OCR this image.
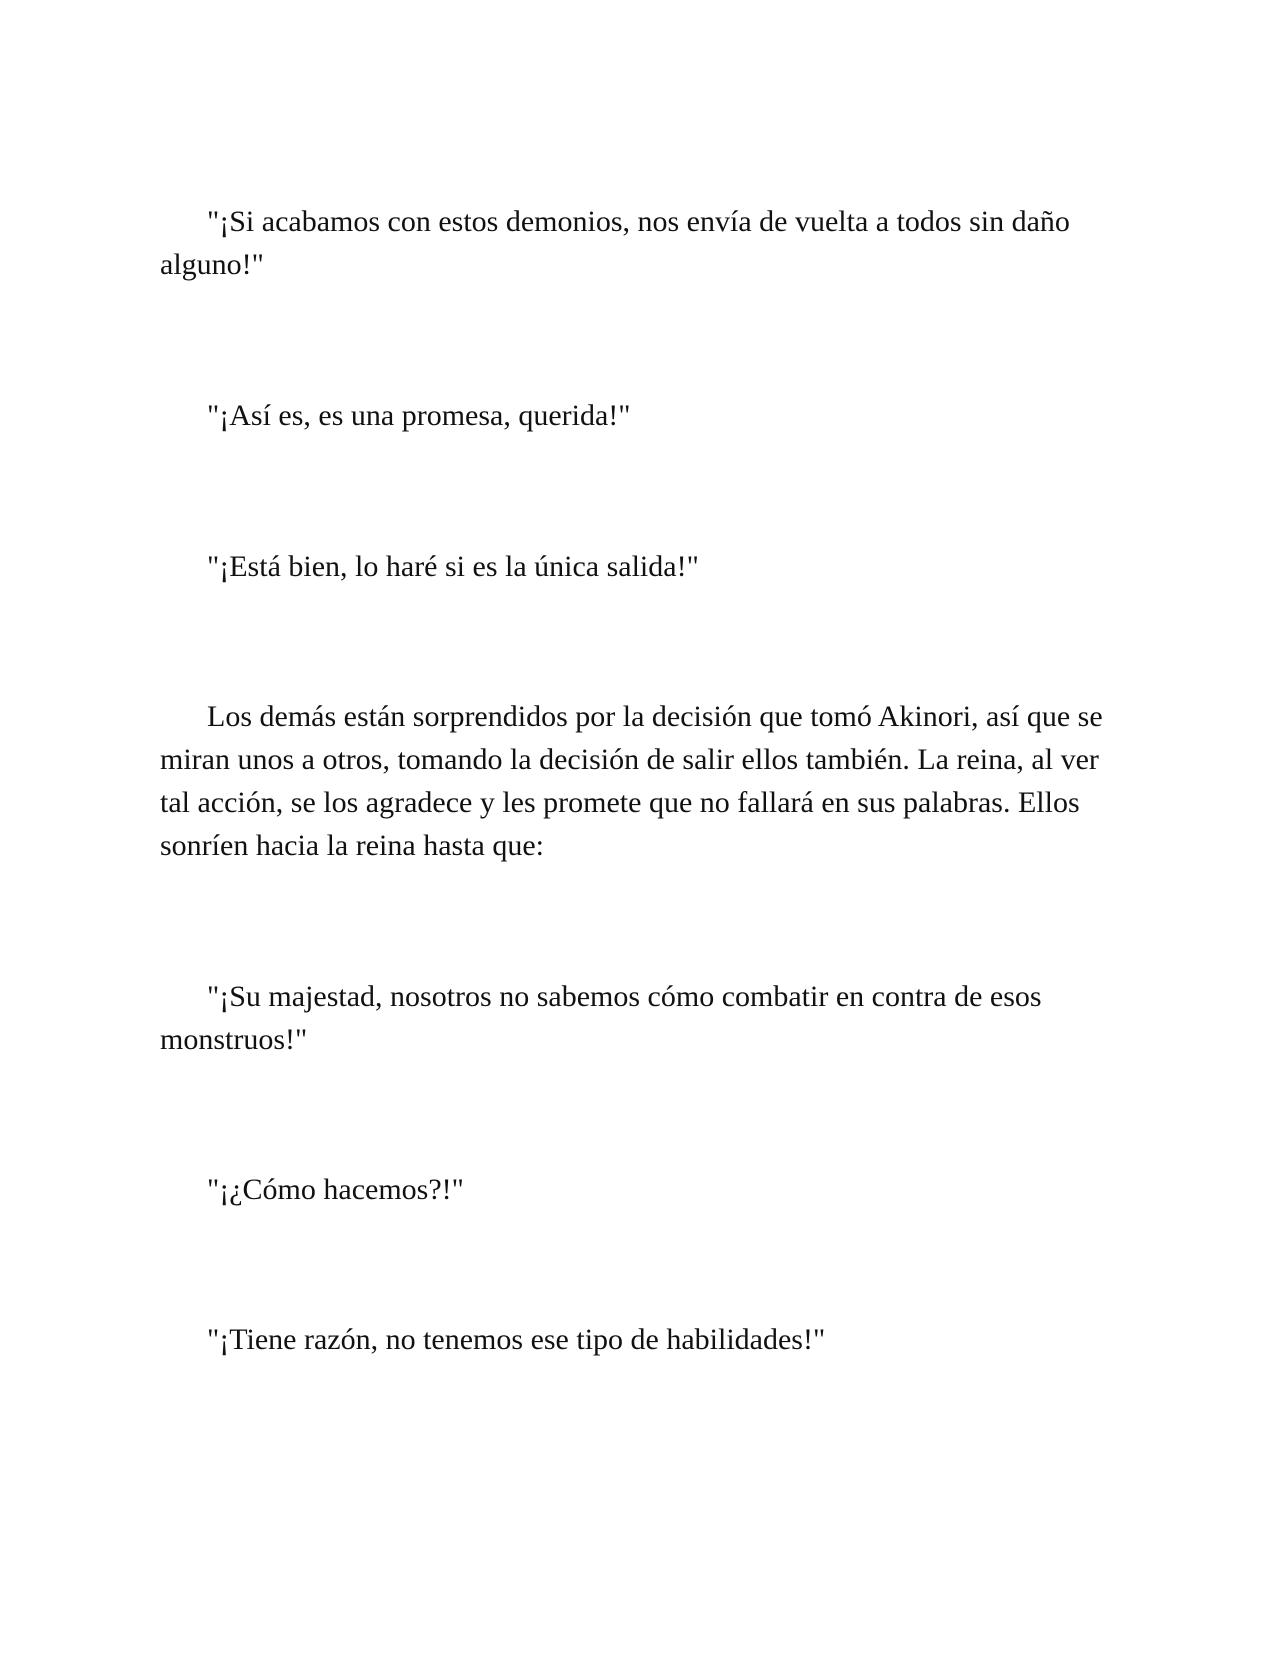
"¡Si acabamos con estos demonios, nos envía de vuelta a todos sin daño alguno!"

"¡Así es, es una promesa, querida!"

"¡Está bien, lo haré si es la única salida!"

Los demás están sorprendidos por la decisión que tomó Akinori, así que se miran unos a otros, tomando la decisión de salir ellos también. La reina, al ver tal acción, se los agradece y les promete que no fallará en sus palabras. Ellos sonríen hacia la reina hasta que:

"¡Su majestad, nosotros no sabemos cómo combatir en contra de esos monstruos!"

"¡¿Cómo hacemos?!"

"¡Tiene razón, no tenemos ese tipo de habilidades!"
